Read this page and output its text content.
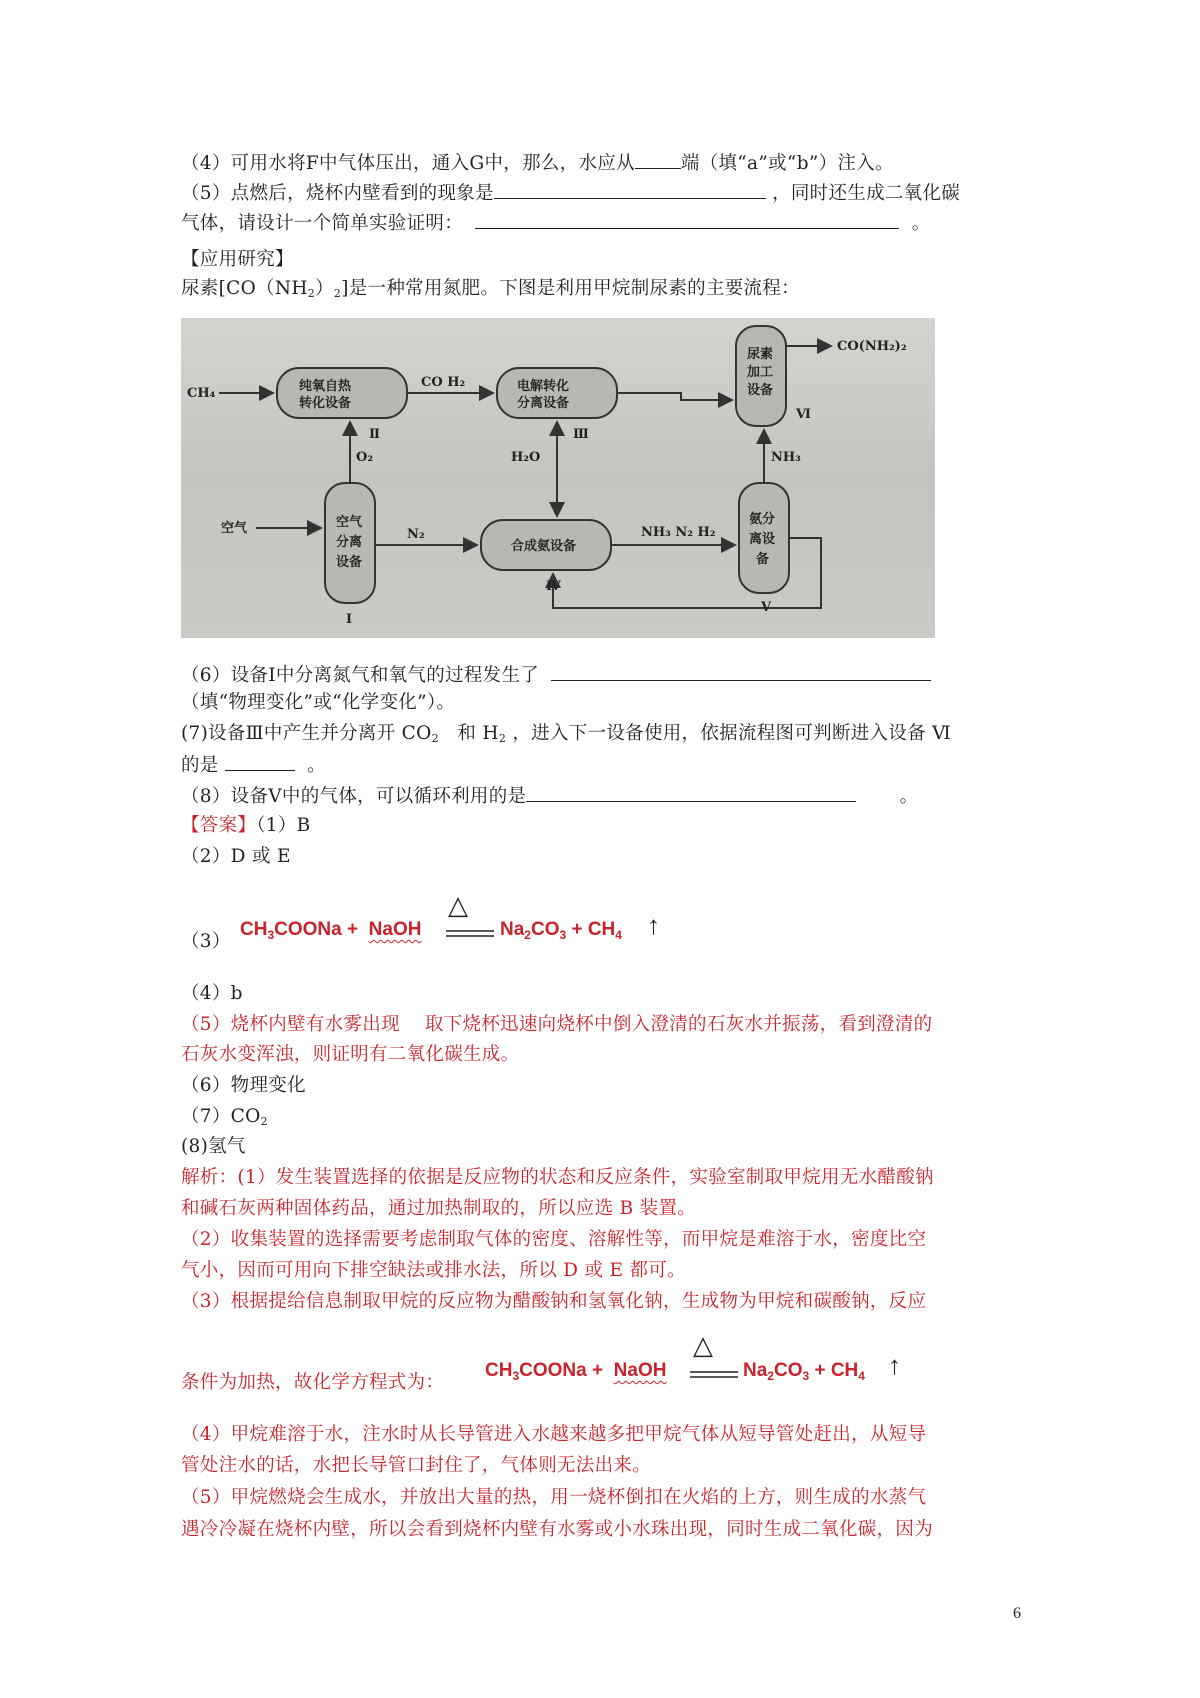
（4）可用水将F中气体压出，通入G中，那么，水应从 端（填“a”或“b”）注入。
（5）点燃后，烧杯内壁看到的现象是	，同时还生成二氧化碳
气体，请设计一个简单实验证明：	。
【应用研究】
尿素$[CO(NH_2)_2]$是一种常用氮肥。下图是利用甲烷制尿素的主要流程：
CH₄
CO H₂
O₂	H₂O
空气	N₂	NH₃ N₂ H₂
NH₃
CO(NH₂)₂
纯氧自热
转化设备
电解转化
分离设备
尿素
加工
设备
空气
分离
设备
合成氨设备
氨分
离设
备
Ⅱ	Ⅲ
Ⅵ
Ⅰ
Ⅳ
Ⅴ
（6）设备Ⅰ中分离氮气和氧气的过程发生了
（填“物理变化”或“化学变化”）。
(7)设备Ⅲ中产生并分离开 $CO_2$ 和 $H_2$ ，进入下一设备使用，依据流程图可判断进入设备 Ⅵ
的是	。
（8）设备Ⅴ中的气体，可以循环利用的是	。
【答案】（1）B
（2）D 或 E
（3）
$CH_3COONa$ + NaOH
△
$Na_2CO_3 + CH_4$ ↑
（4）b
（5）烧杯内壁有水雾出现　 取下烧杯迅速向烧杯中倒入澄清的石灰水并振荡，看到澄清的
石灰水变浑浊，则证明有二氧化碳生成。
（6）物理变化
$(7)CO_2$
(8)氢气
解析：(1）发生装置选择的依据是反应物的状态和反应条件，实验室制取甲烷用无水醋酸钠
和碱石灰两种固体药品，通过加热制取的，所以应选 B 装置。
（2）收集装置的选择需要考虑制取气体的密度、溶解性等，而甲烷是难溶于水，密度比空
气小，因而可用向下排空缺法或排水法，所以 D 或 E 都可。
（3）根据提给信息制取甲烷的反应物为醋酸钠和氢氧化钠，生成物为甲烷和碳酸钠，反应
条件为加热，故化学方程式为：
$CH_3COONa$ + NaOH
△
$Na_2CO_3 + CH_4$ ↑
（4）甲烷难溶于水，注水时从长导管进入水越来越多把甲烷气体从短导管处赶出，从短导
管处注水的话，水把长导管口封住了，气体则无法出来。
（5）甲烷燃烧会生成水，并放出大量的热，用一烧杯倒扣在火焰的上方，则生成的水蒸气
遇冷冷凝在烧杯内壁，所以会看到烧杯内壁有水雾或小水珠出现，同时生成二氧化碳，因为
6
